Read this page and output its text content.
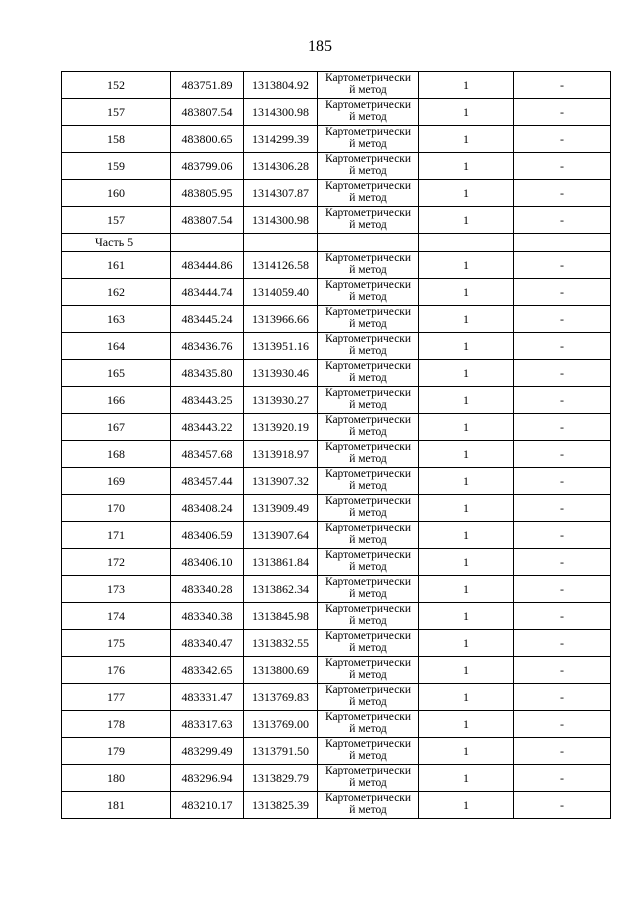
185
152	483751.89	1313804.92	Картометрически
й метод	1	-
157	483807.54	1314300.98	Картометрически
й метод	1	-
158	483800.65	1314299.39	Картометрически
й метод	1	-
159	483799.06	1314306.28	Картометрически
й метод	1	-
160	483805.95	1314307.87	Картометрически
й метод	1	-
157	483807.54	1314300.98	Картометрически
й метод	1	-
Часть 5					
161	483444.86	1314126.58	Картометрически
й метод	1	-
162	483444.74	1314059.40	Картометрически
й метод	1	-
163	483445.24	1313966.66	Картометрически
й метод	1	-
164	483436.76	1313951.16	Картометрически
й метод	1	-
165	483435.80	1313930.46	Картометрически
й метод	1	-
166	483443.25	1313930.27	Картометрически
й метод	1	-
167	483443.22	1313920.19	Картометрически
й метод	1	-
168	483457.68	1313918.97	Картометрически
й метод	1	-
169	483457.44	1313907.32	Картометрически
й метод	1	-
170	483408.24	1313909.49	Картометрически
й метод	1	-
171	483406.59	1313907.64	Картометрически
й метод	1	-
172	483406.10	1313861.84	Картометрически
й метод	1	-
173	483340.28	1313862.34	Картометрически
й метод	1	-
174	483340.38	1313845.98	Картометрически
й метод	1	-
175	483340.47	1313832.55	Картометрически
й метод	1	-
176	483342.65	1313800.69	Картометрически
й метод	1	-
177	483331.47	1313769.83	Картометрически
й метод	1	-
178	483317.63	1313769.00	Картометрически
й метод	1	-
179	483299.49	1313791.50	Картометрически
й метод	1	-
180	483296.94	1313829.79	Картометрически
й метод	1	-
181	483210.17	1313825.39	Картометрически
й метод	1	-
